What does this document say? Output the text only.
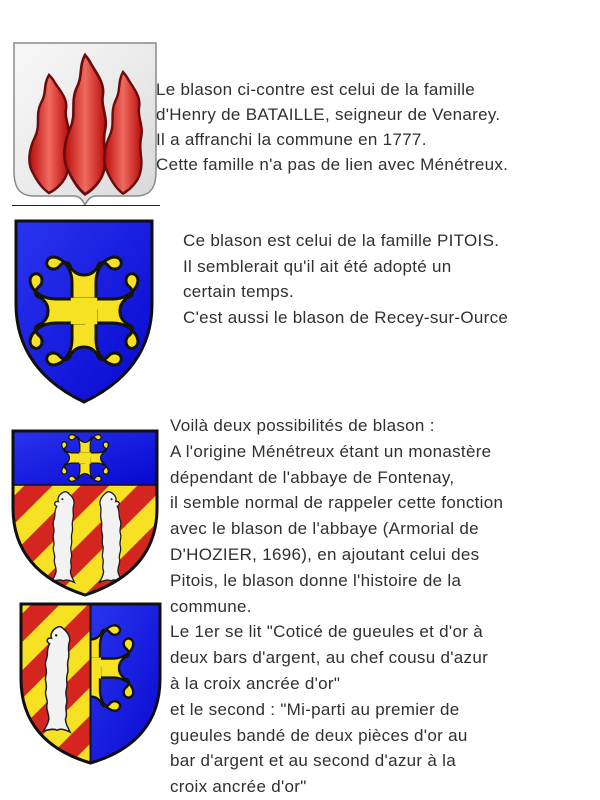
Le blason ci-contre est celui de la famille
d'Henry de BATAILLE, seigneur de Venarey.
Il a affranchi la commune en 1777.
Cette famille n'a pas de lien avec Ménétreux.
Ce blason est celui de la famille PITOIS.
Il semblerait qu'il ait été adopté un
certain temps.
C'est aussi le blason de Recey-sur-Ource
Voilà deux possibilités de blason :
A l'origine Ménétreux étant un monastère
dépendant de l'abbaye de Fontenay,
il semble normal de rappeler cette fonction
avec le blason de l'abbaye (Armorial de
D'HOZIER, 1696), en ajoutant celui des
Pitois, le blason donne l'histoire de la
commune.
Le 1er se lit "Coticé de gueules et d'or à
deux bars d'argent, au chef cousu d'azur
à la croix ancrée d'or"
et le second : "Mi-parti au premier de
gueules bandé de deux pièces d'or au
bar d'argent et au second d'azur à la
croix ancrée d'or"
